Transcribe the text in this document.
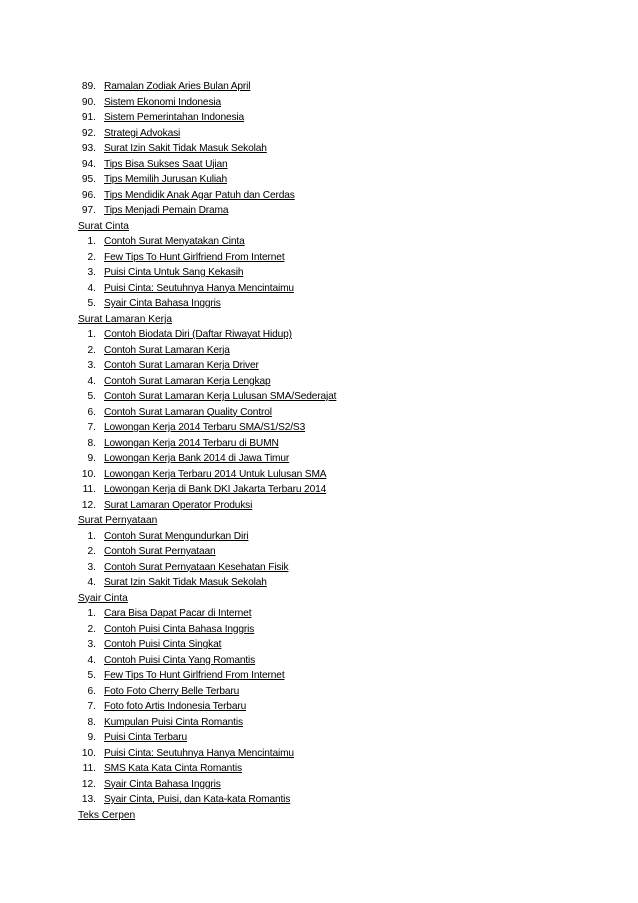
89. Ramalan Zodiak Aries Bulan April
90. Sistem Ekonomi Indonesia
91. Sistem Pemerintahan Indonesia
92. Strategi Advokasi
93. Surat Izin Sakit Tidak Masuk Sekolah
94. Tips Bisa Sukses Saat Ujian
95. Tips Memilih Jurusan Kuliah
96. Tips Mendidik Anak Agar Patuh dan Cerdas
97. Tips Menjadi Pemain Drama
Surat Cinta
1. Contoh Surat Menyatakan Cinta
2. Few Tips To Hunt Girlfriend From Internet
3. Puisi Cinta Untuk Sang Kekasih
4. Puisi Cinta: Seutuhnya Hanya Mencintaimu
5. Syair Cinta Bahasa Inggris
Surat Lamaran Kerja
1. Contoh Biodata Diri (Daftar Riwayat Hidup)
2. Contoh Surat Lamaran Kerja
3. Contoh Surat Lamaran Kerja Driver
4. Contoh Surat Lamaran Kerja Lengkap
5. Contoh Surat Lamaran Kerja Lulusan SMA/Sederajat
6. Contoh Surat Lamaran Quality Control
7. Lowongan Kerja 2014 Terbaru SMA/S1/S2/S3
8. Lowongan Kerja 2014 Terbaru di BUMN
9. Lowongan Kerja Bank 2014 di Jawa Timur
10. Lowongan Kerja Terbaru 2014 Untuk Lulusan SMA
11. Lowongan Kerja di Bank DKI Jakarta Terbaru 2014
12. Surat Lamaran Operator Produksi
Surat Pernyataan
1. Contoh Surat Mengundurkan Diri
2. Contoh Surat Pernyataan
3. Contoh Surat Pernyataan Kesehatan Fisik
4. Surat Izin Sakit Tidak Masuk Sekolah
Syair Cinta
1. Cara Bisa Dapat Pacar di Internet
2. Contoh Puisi Cinta Bahasa Inggris
3. Contoh Puisi Cinta Singkat
4. Contoh Puisi Cinta Yang Romantis
5. Few Tips To Hunt Girlfriend From Internet
6. Foto Foto Cherry Belle Terbaru
7. Foto foto Artis Indonesia Terbaru
8. Kumpulan Puisi Cinta Romantis
9. Puisi Cinta Terbaru
10. Puisi Cinta: Seutuhnya Hanya Mencintaimu
11. SMS Kata Kata Cinta Romantis
12. Syair Cinta Bahasa Inggris
13. Syair Cinta, Puisi, dan Kata-kata Romantis
Teks Cerpen
